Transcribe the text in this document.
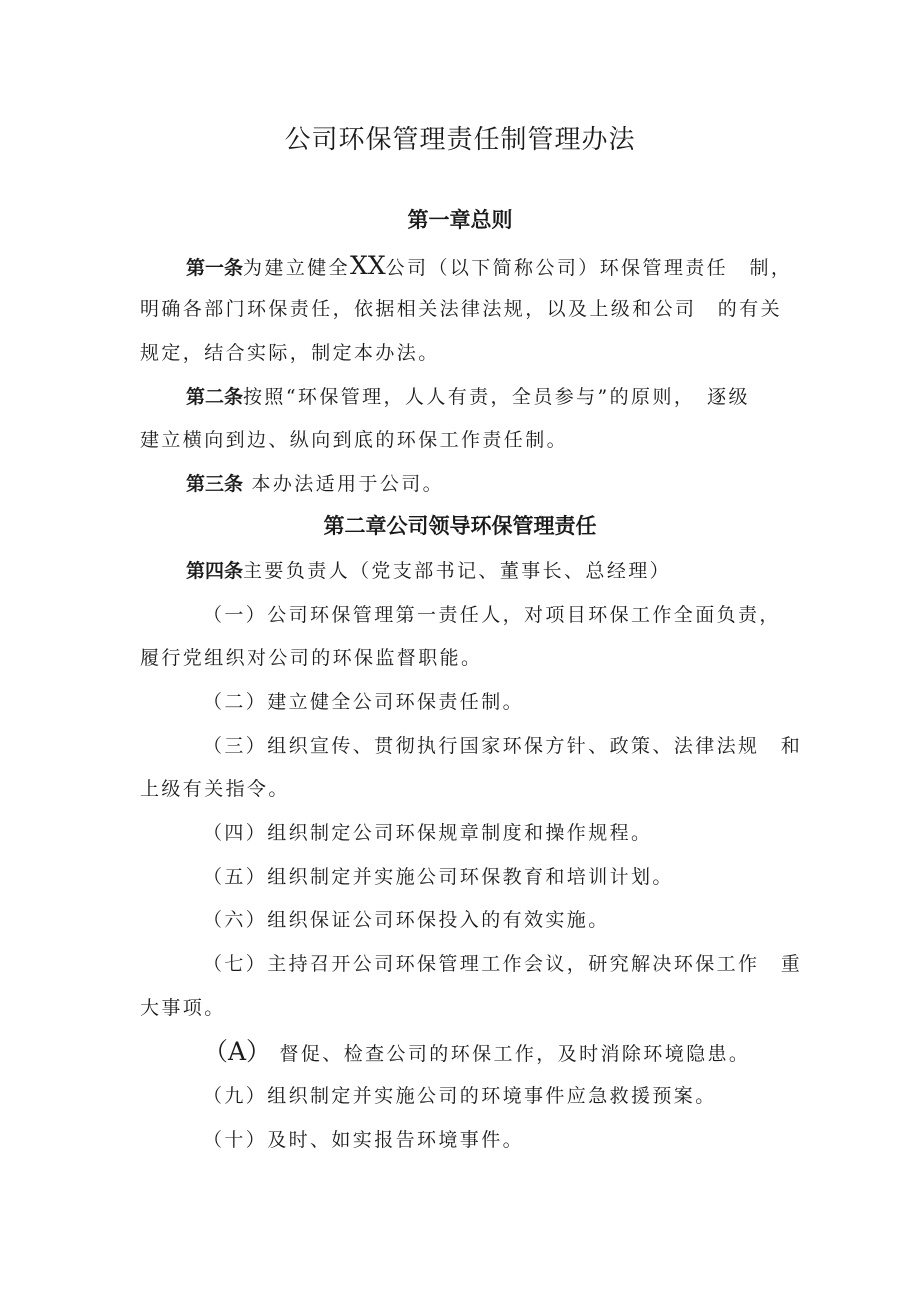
公司环保管理责任制管理办法
第一章总则
第一条为建立健全XX公司（以下简称公司）环保管理责任　制，
明确各部门环保责任，依据相关法律法规，以及上级和公司　的有关
规定，结合实际，制定本办法。
第二条按照“环保管理，人人有责，全员参与”的原则，　逐级
建立横向到边、纵向到底的环保工作责任制。
第三条 本办法适用于公司。
第二章公司领导环保管理责任
第四条主要负责人（党支部书记、董事长、总经理）
（一）公司环保管理第一责任人，对项目环保工作全面负责，
履行党组织对公司的环保监督职能。
（二）建立健全公司环保责任制。
（三）组织宣传、贯彻执行国家环保方针、政策、法律法规　和
上级有关指令。
（四）组织制定公司环保规章制度和操作规程。
（五）组织制定并实施公司环保教育和培训计划。
（六）组织保证公司环保投入的有效实施。
（七）主持召开公司环保管理工作会议，研究解决环保工作　重
大事项。
（A） 督促、检查公司的环保工作，及时消除环境隐患。
（九）组织制定并实施公司的环境事件应急救援预案。
（十）及时、如实报告环境事件。
